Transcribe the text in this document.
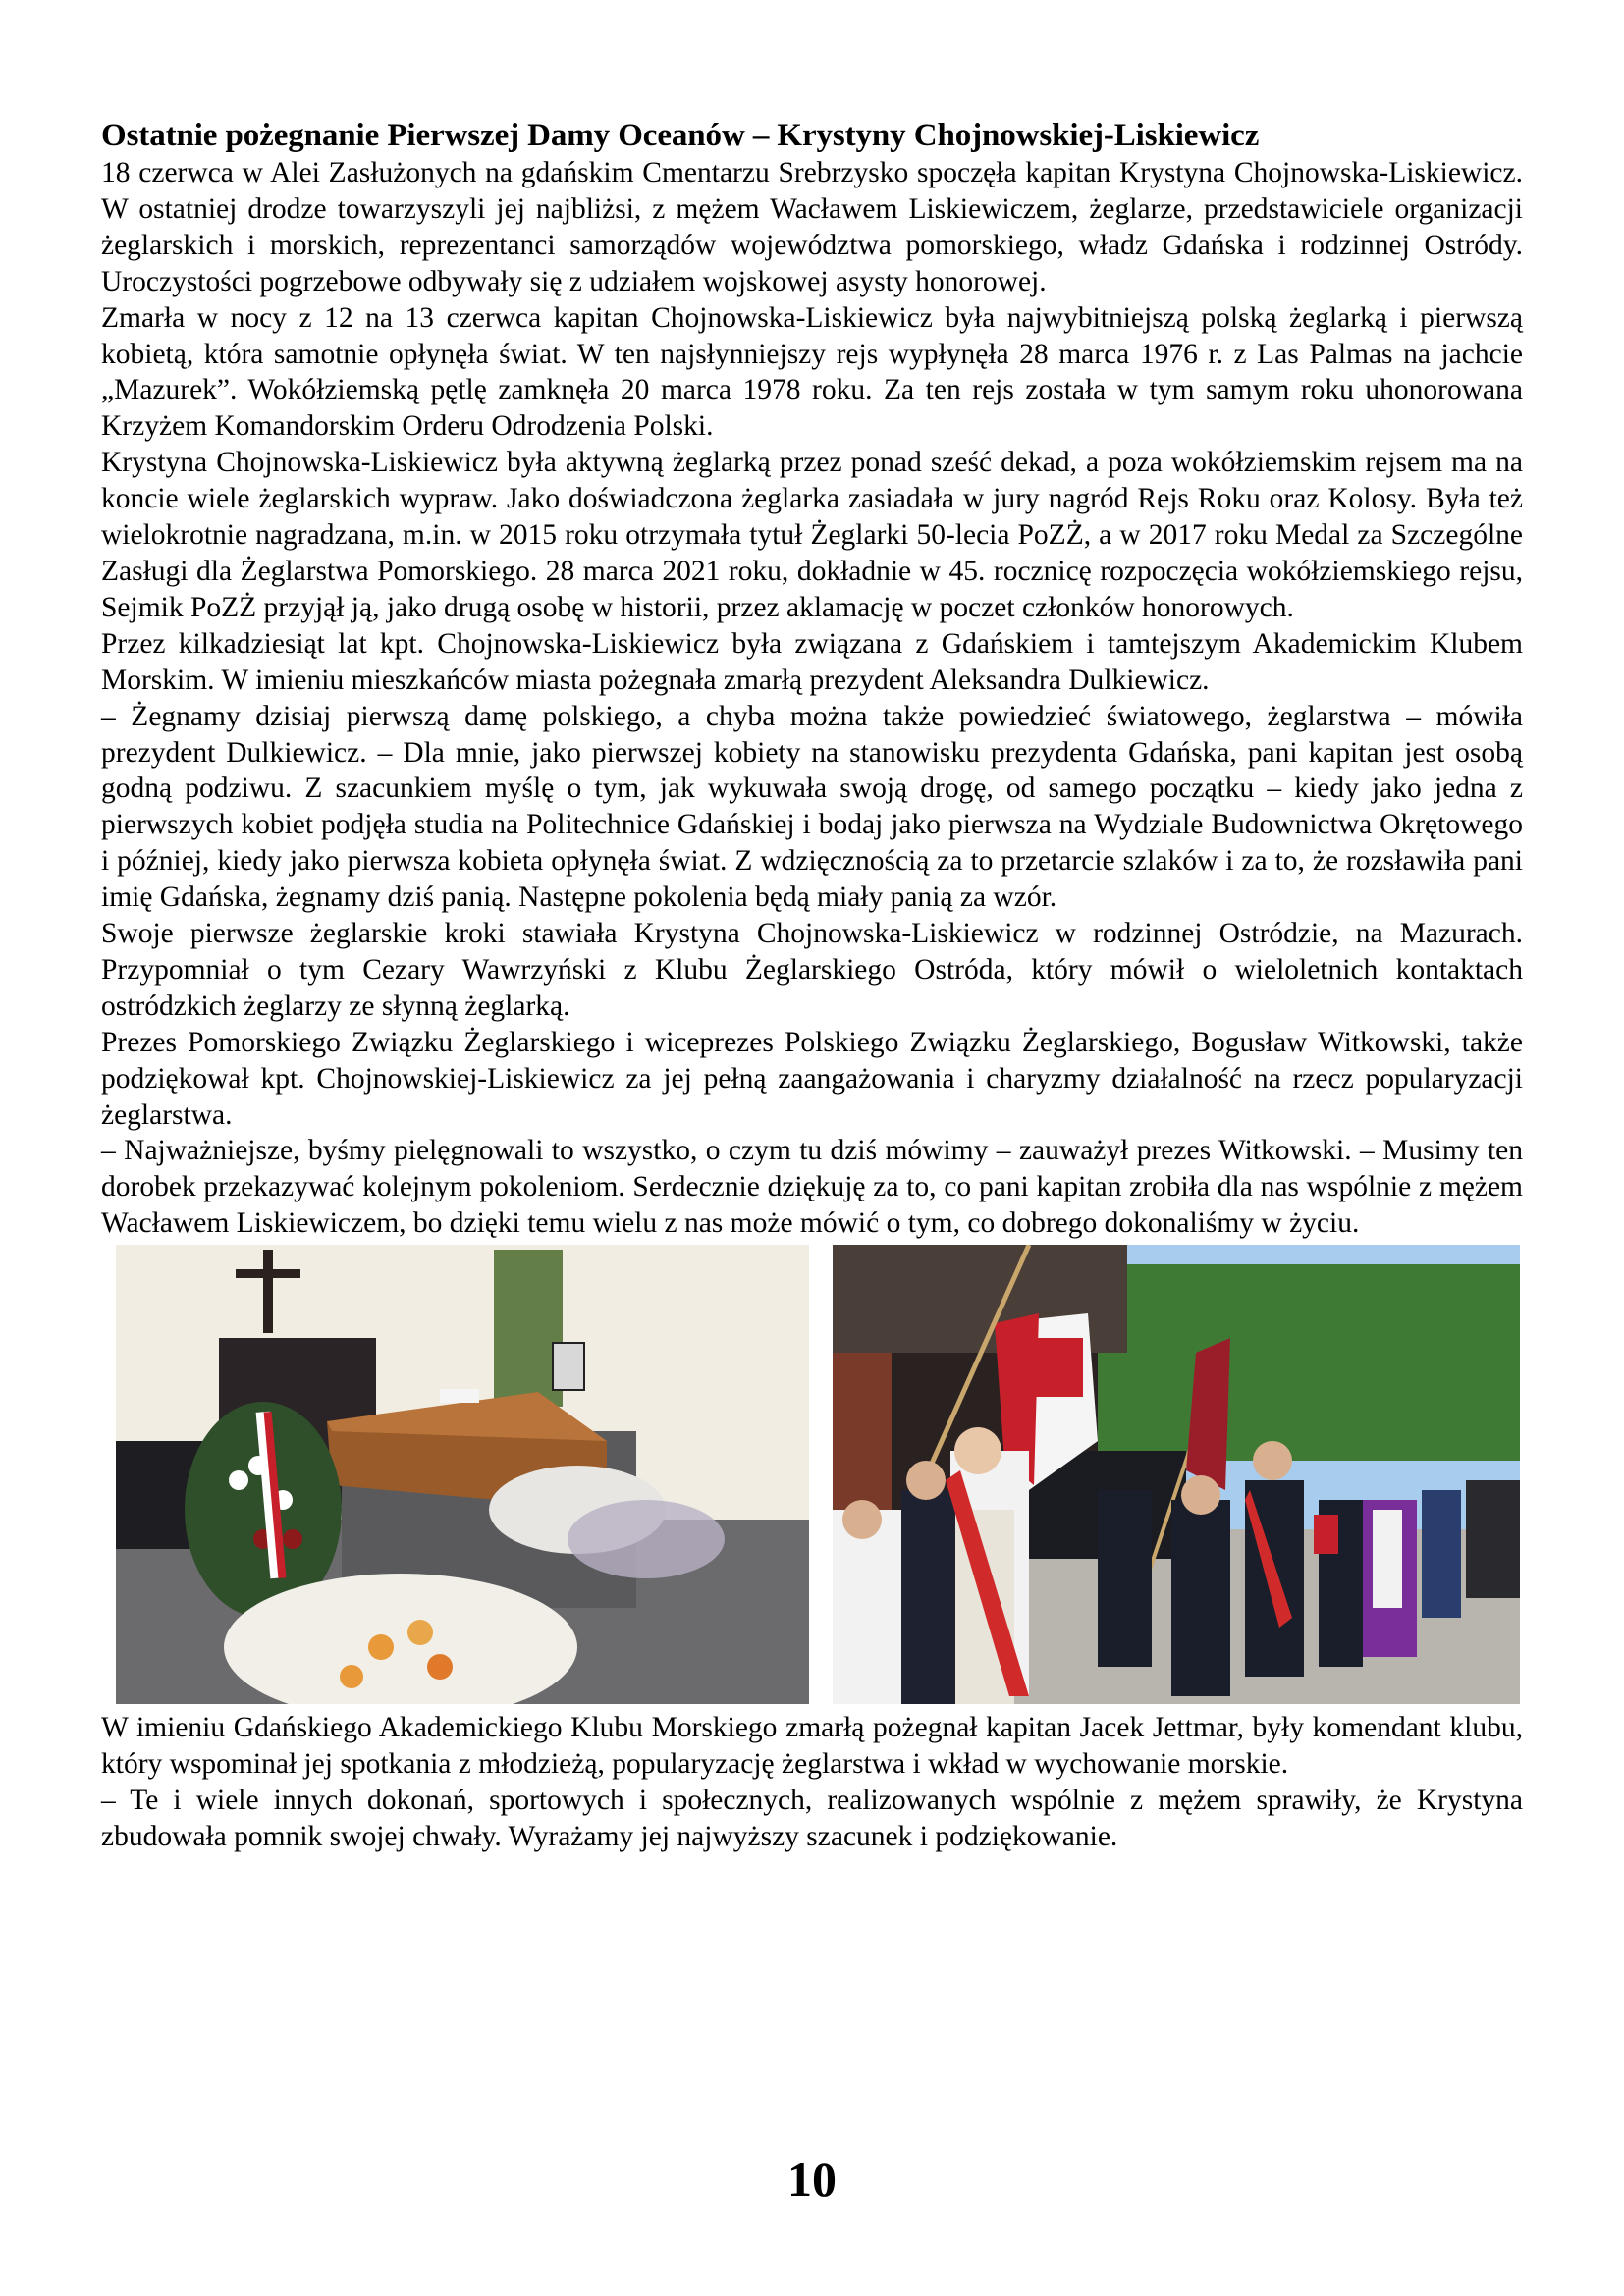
Ostatnie pożegnanie Pierwszej Damy Oceanów – Krystyny Chojnowskiej-Liskiewicz

18 czerwca w Alei Zasłużonych na gdańskim Cmentarzu Srebrzysko spoczęła kapitan Krystyna Chojnowska-Liskiewicz. W ostatniej drodze towarzyszyli jej najbliżsi, z mężem Wacławem Liskiewiczem, żeglarze, przedstawiciele organizacji żeglarskich i morskich, reprezentanci samorządów województwa pomorskiego, władz Gdańska i rodzinnej Ostródy. Uroczystości pogrzebowe odbywały się z udziałem wojskowej asysty honorowej.

Zmarła w nocy z 12 na 13 czerwca kapitan Chojnowska-Liskiewicz była najwybitniejszą polską żeglarką i pierwszą kobietą, która samotnie opłynęła świat. W ten najsłynniejszy rejs wypłynęła 28 marca 1976 r. z Las Palmas na jachcie „Mazurek”. Wokółziemską pętlę zamknęła 20 marca 1978 roku. Za ten rejs została w tym samym roku uhonorowana Krzyżem Komandorskim Orderu Odrodzenia Polski.

Krystyna Chojnowska-Liskiewicz była aktywną żeglarką przez ponad sześć dekad, a poza wokółziemskim rejsem ma na koncie wiele żeglarskich wypraw. Jako doświadczona żeglarka zasiadała w jury nagród Rejs Roku oraz Kolosy. Była też wielokrotnie nagradzana, m.in. w 2015 roku otrzymała tytuł Żeglarki 50-lecia PoZŻ, a w 2017 roku Medal za Szczególne Zasługi dla Żeglarstwa Pomorskiego. 28 marca 2021 roku, dokładnie w 45. rocznicę rozpoczęcia wokółziemskiego rejsu, Sejmik PoZŻ przyjął ją, jako drugą osobę w historii, przez aklamację w poczet członków honorowych.

Przez kilkadziesiąt lat kpt. Chojnowska-Liskiewicz była związana z Gdańskiem i tamtejszym Akademickim Klubem Morskim. W imieniu mieszkańców miasta pożegnała zmarłą prezydent Aleksandra Dulkiewicz.

– Żegnamy dzisiaj pierwszą damę polskiego, a chyba można także powiedzieć światowego, żeglarstwa – mówiła prezydent Dulkiewicz. – Dla mnie, jako pierwszej kobiety na stanowisku prezydenta Gdańska, pani kapitan jest osobą godną podziwu. Z szacunkiem myślę o tym, jak wykuwała swoją drogę, od samego początku – kiedy jako jedna z pierwszych kobiet podjęła studia na Politechnice Gdańskiej i bodaj jako pierwsza na Wydziale Budownictwa Okrętowego i później, kiedy jako pierwsza kobieta opłynęła świat. Z wdzięcznością za to przetarcie szlaków i za to, że rozsławiła pani imię Gdańska, żegnamy dziś panią. Następne pokolenia będą miały panią za wzór.

Swoje pierwsze żeglarskie kroki stawiała Krystyna Chojnowska-Liskiewicz w rodzinnej Ostródzie, na Mazurach. Przypomniał o tym Cezary Wawrzyński z Klubu Żeglarskiego Ostróda, który mówił o wieloletnich kontaktach ostródzkich żeglarzy ze słynną żeglarką.

Prezes Pomorskiego Związku Żeglarskiego i wiceprezes Polskiego Związku Żeglarskiego, Bogusław Witkowski, także podziękował kpt. Chojnowskiej-Liskiewicz za jej pełną zaangażowania i charyzmy działalność na rzecz popularyzacji żeglarstwa.

– Najważniejsze, byśmy pielęgnowali to wszystko, o czym tu dziś mówimy – zauważył prezes Witkowski. – Musimy ten dorobek przekazywać kolejnym pokoleniom. Serdecznie dziękuję za to, co pani kapitan zrobiła dla nas wspólnie z mężem Wacławem Liskiewiczem, bo dzięki temu wielu z nas może mówić o tym, co dobrego dokonaliśmy w życiu.

W imieniu Gdańskiego Akademickiego Klubu Morskiego zmarłą pożegnał kapitan Jacek Jettmar, były komendant klubu, który wspominał jej spotkania z młodzieżą, popularyzację żeglarstwa i wkład w wychowanie morskie.

– Te i wiele innych dokonań, sportowych i społecznych, realizowanych wspólnie z mężem sprawiły, że Krystyna zbudowała pomnik swojej chwały. Wyrażamy jej najwyższy szacunek i podziękowanie.

10
